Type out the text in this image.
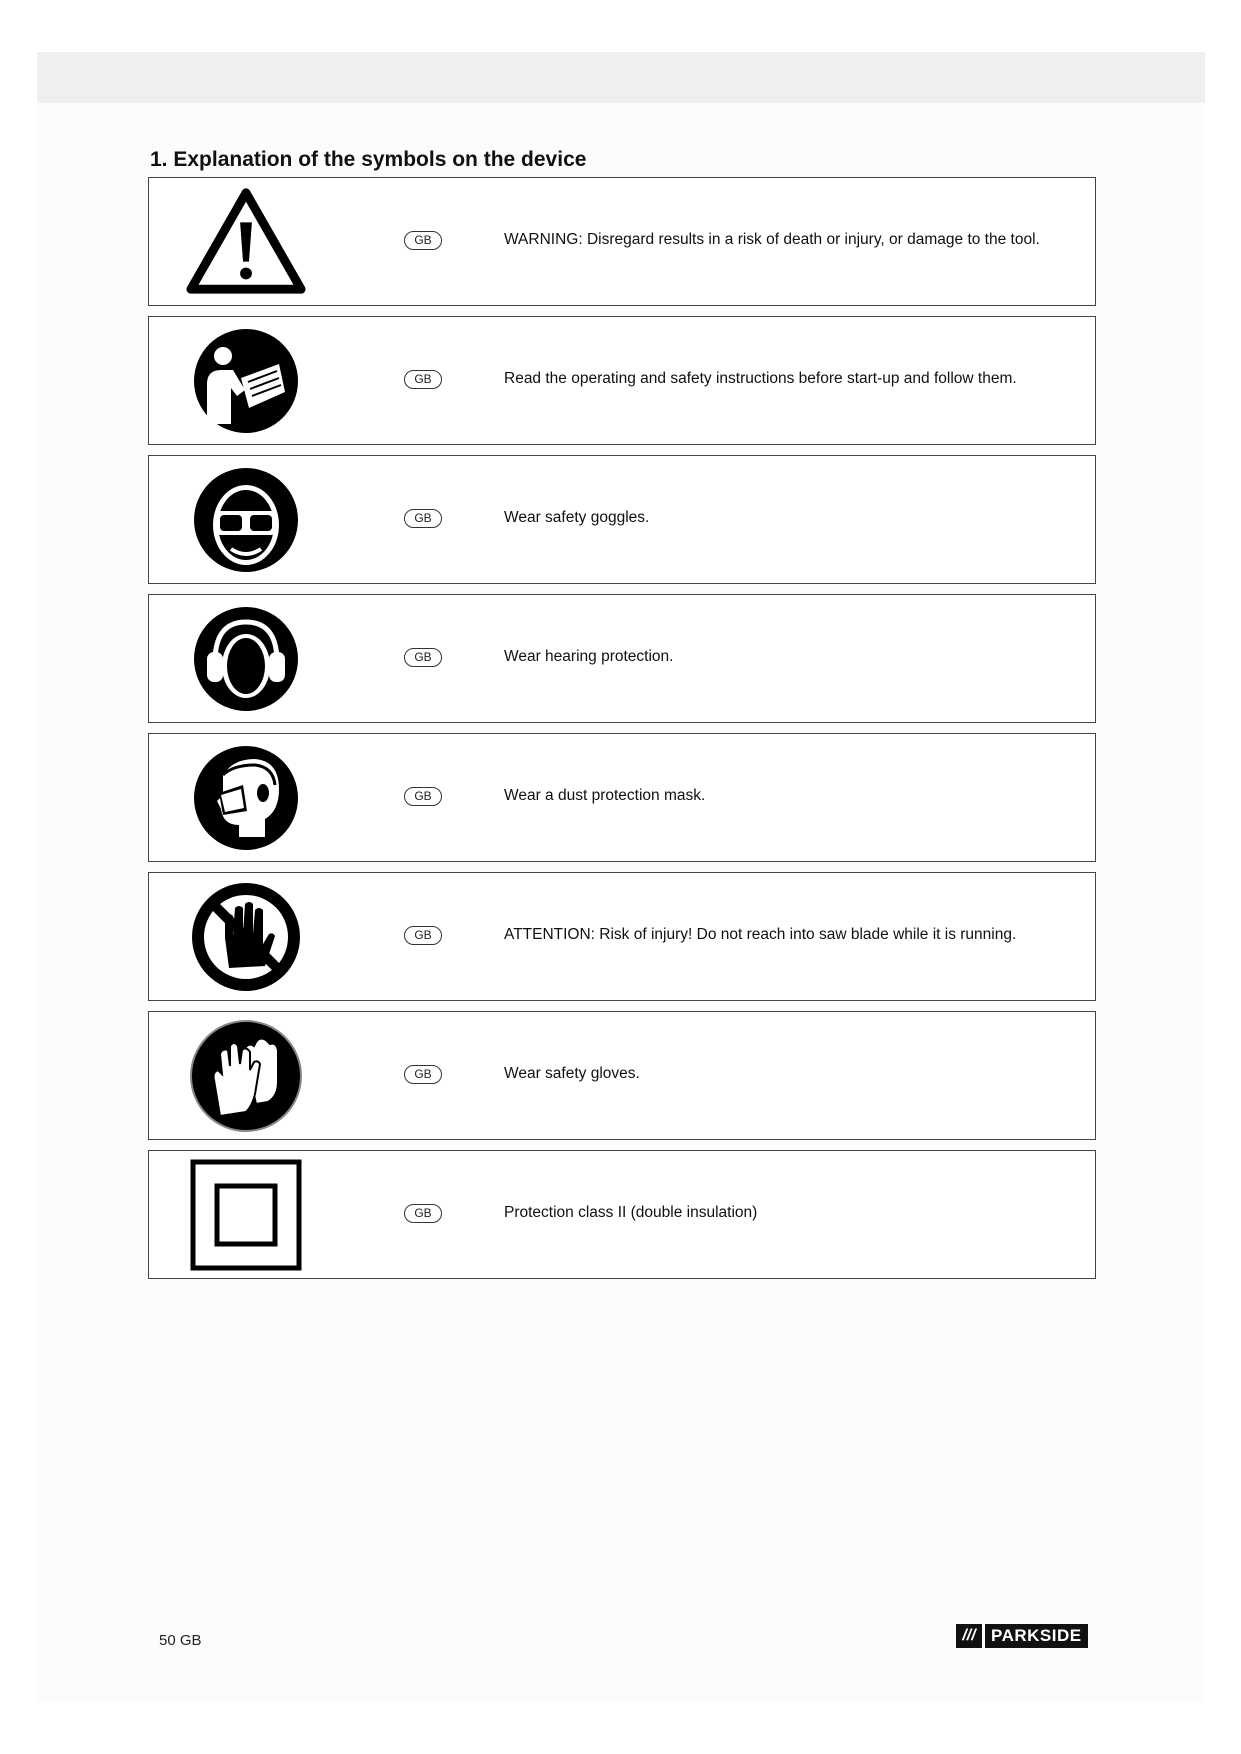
1. Explanation of the symbols on the device
GB	WARNING: Disregard results in a risk of death or injury, or damage to the tool.
GB	Read the operating and safety instructions before start-up and follow them.
GB	Wear safety goggles.
GB	Wear hearing protection.
GB	Wear a dust protection mask.
GB	ATTENTION: Risk of injury! Do not reach into saw blade while it is running.
GB	Wear safety gloves.
GB	Protection class II (double insulation)
50 GB	/// PARKSIDE
